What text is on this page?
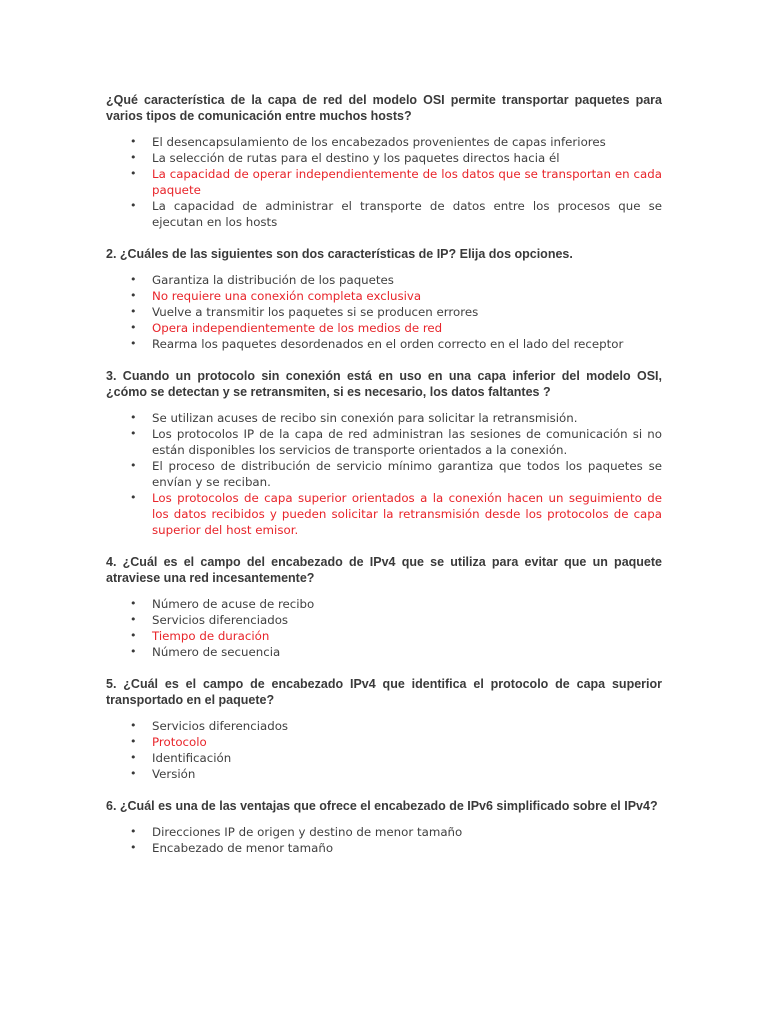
¿Qué característica de la capa de red del modelo OSI permite transportar paquetes para varios tipos de comunicación entre muchos hosts?

•	El desencapsulamiento de los encabezados provenientes de capas inferiores
•	La selección de rutas para el destino y los paquetes directos hacia él
•	La capacidad de operar independientemente de los datos que se transportan en cada paquete
•	La capacidad de administrar el transporte de datos entre los procesos que se ejecutan en los hosts

2. ¿Cuáles de las siguientes son dos características de IP? Elija dos opciones.

•	Garantiza la distribución de los paquetes
•	No requiere una conexión completa exclusiva
•	Vuelve a transmitir los paquetes si se producen errores
•	Opera independientemente de los medios de red
•	Rearma los paquetes desordenados en el orden correcto en el lado del receptor

3. Cuando un protocolo sin conexión está en uso en una capa inferior del modelo OSI, ¿cómo se detectan y se retransmiten, si es necesario, los datos faltantes ?

•	Se utilizan acuses de recibo sin conexión para solicitar la retransmisión.
•	Los protocolos IP de la capa de red administran las sesiones de comunicación si no están disponibles los servicios de transporte orientados a la conexión.
•	El proceso de distribución de servicio mínimo garantiza que todos los paquetes se envían y se reciban.
•	Los protocolos de capa superior orientados a la conexión hacen un seguimiento de los datos recibidos y pueden solicitar la retransmisión desde los protocolos de capa superior del host emisor.

4. ¿Cuál es el campo del encabezado de IPv4 que se utiliza para evitar que un paquete atraviese una red incesantemente?

•	Número de acuse de recibo
•	Servicios diferenciados
•	Tiempo de duración
•	Número de secuencia

5. ¿Cuál es el campo de encabezado IPv4 que identifica el protocolo de capa superior transportado en el paquete?

•	Servicios diferenciados
•	Protocolo
•	Identificación
•	Versión

6. ¿Cuál es una de las ventajas que ofrece el encabezado de IPv6 simplificado sobre el IPv4?

•	Direcciones IP de origen y destino de menor tamaño
•	Encabezado de menor tamaño
